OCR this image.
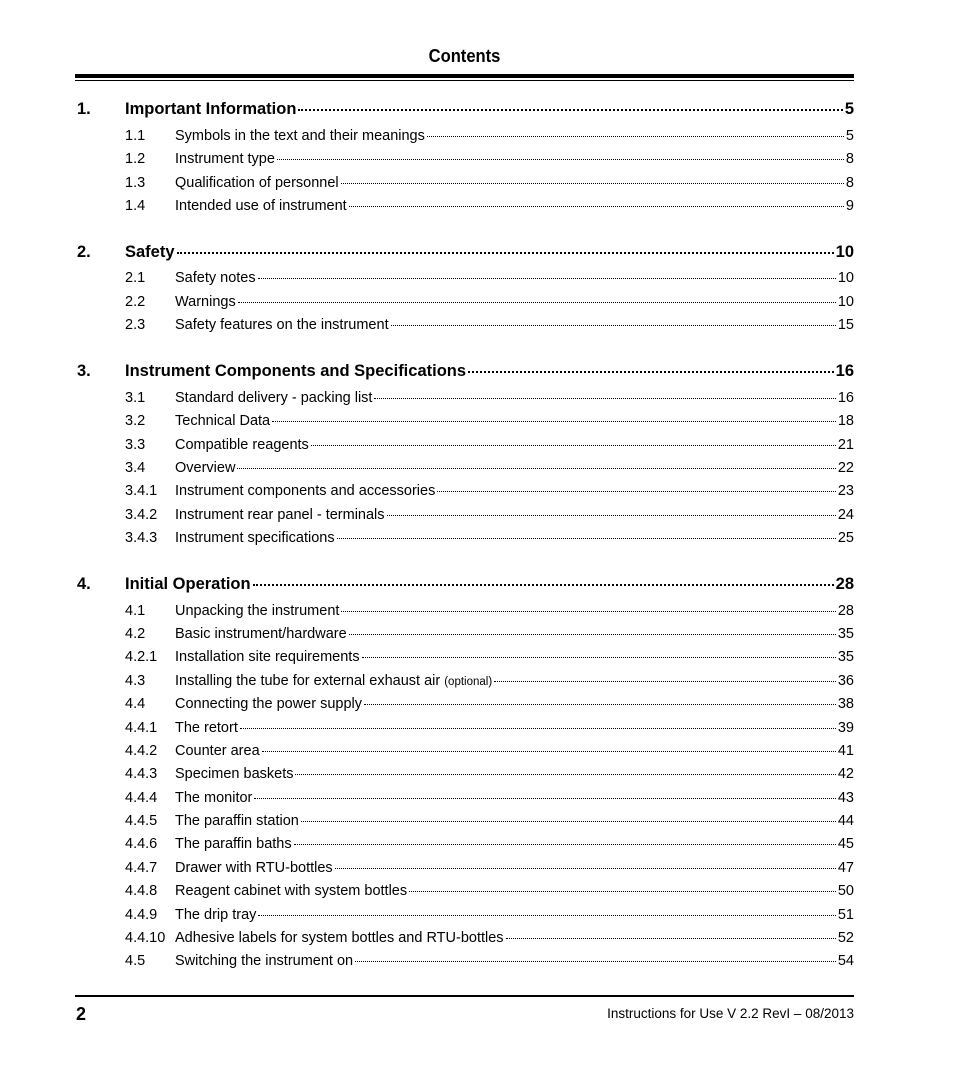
Contents
1. Important Information	5
1.1 Symbols in the text and their meanings	5
1.2 Instrument type	8
1.3 Qualification of personnel	8
1.4 Intended use of instrument	9
2. Safety	10
2.1 Safety notes	10
2.2 Warnings	10
2.3 Safety features on the instrument	15
3. Instrument Components and Specifications	16
3.1 Standard delivery - packing list	16
3.2 Technical Data	18
3.3 Compatible reagents	21
3.4 Overview	22
3.4.1 Instrument components and accessories	23
3.4.2 Instrument rear panel - terminals	24
3.4.3 Instrument specifications	25
4. Initial Operation	28
4.1 Unpacking the instrument	28
4.2 Basic instrument/hardware	35
4.2.1 Installation site requirements	35
4.3 Installing the tube for external exhaust air (optional)	36
4.4 Connecting the power supply	38
4.4.1 The retort	39
4.4.2 Counter area	41
4.4.3 Specimen baskets	42
4.4.4 The monitor	43
4.4.5 The paraffin station	44
4.4.6 The paraffin baths	45
4.4.7 Drawer with RTU-bottles	47
4.4.8 Reagent cabinet with system bottles	50
4.4.9 The drip tray	51
4.4.10 Adhesive labels for system bottles and RTU-bottles	52
4.5 Switching the instrument on	54
2	Instructions for Use V 2.2 RevI – 08/2013
